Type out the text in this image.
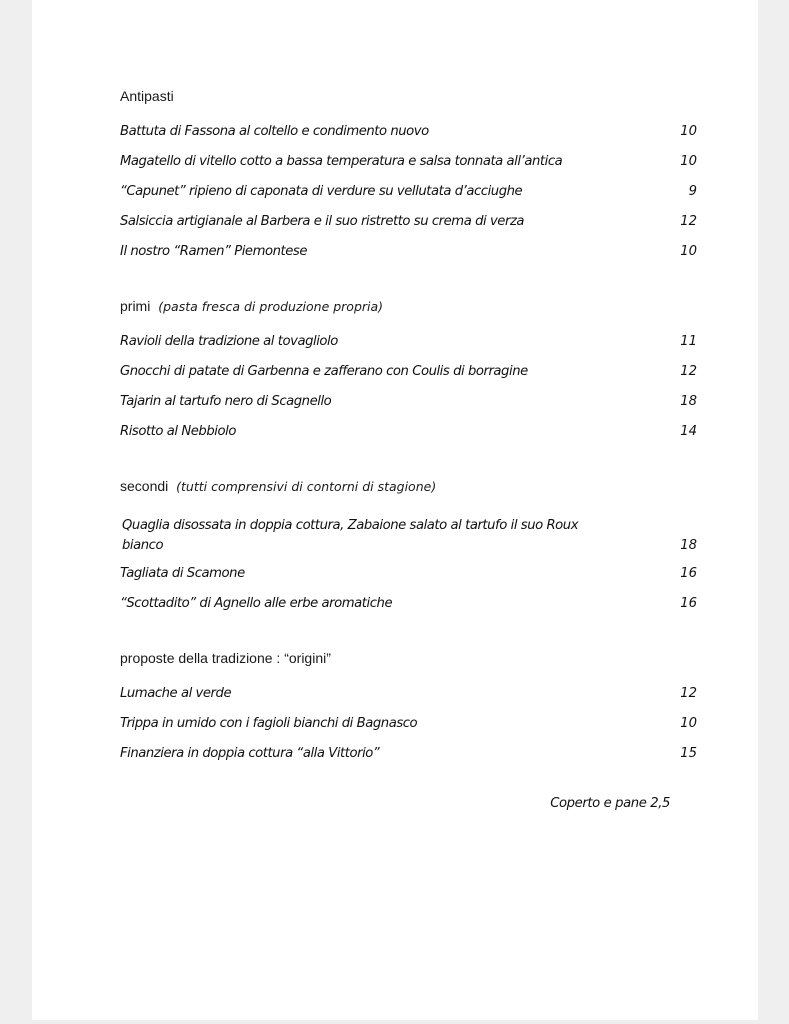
Antipasti
Battuta di Fassona al coltello e condimento nuovo	10
Magatello di vitello cotto a bassa temperatura e salsa tonnata all’antica	10
“Capunet” ripieno di caponata di verdure su vellutata d’acciughe	9
Salsiccia artigianale al Barbera e il suo ristretto su crema di verza	12
Il nostro “Ramen” Piemontese	10
primi (pasta fresca di produzione propria)
Ravioli della tradizione al tovagliolo	11
Gnocchi di patate di Garbenna e zafferano con Coulis di borragine	12
Tajarin al tartufo nero di Scagnello	18
Risotto al Nebbiolo	14
secondi (tutti comprensivi di contorni di stagione)
Quaglia disossata in doppia cottura, Zabaione salato al tartufo il suo Roux bianco	18
Tagliata di Scamone	16
“Scottadito” di Agnello alle erbe aromatiche	16
proposte della tradizione : “origini”
Lumache al verde	12
Trippa in umido con i fagioli bianchi di Bagnasco	10
Finanziera in doppia cottura “alla Vittorio”	15
Coperto e pane 2,5
